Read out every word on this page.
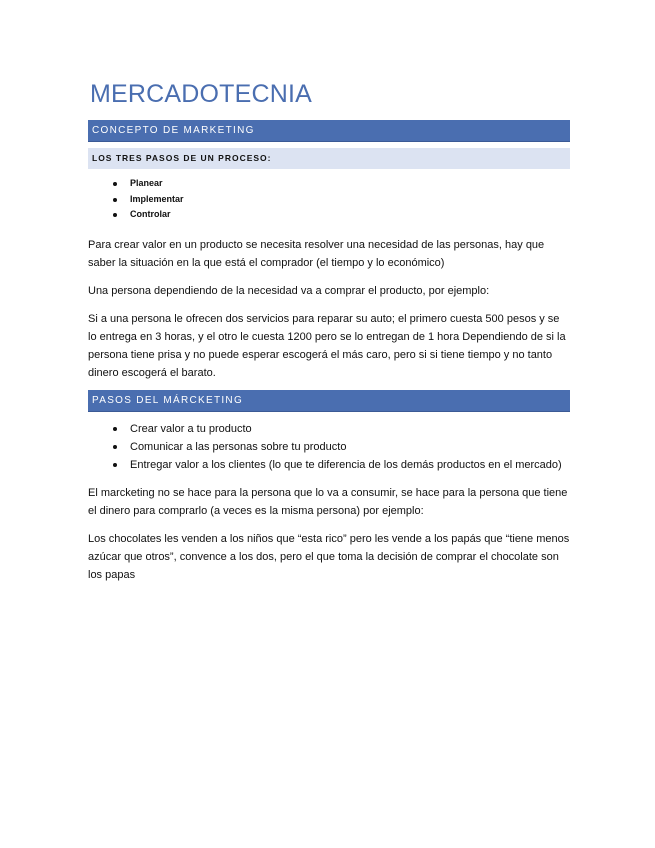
MERCADOTECNIA
CONCEPTO DE MARKETING
LOS TRES PASOS DE UN PROCESO:
Planear
Implementar
Controlar

Para crear valor en un producto se necesita resolver una necesidad de las personas, hay que saber la situación en la que está el comprador (el tiempo y lo económico)

Una persona dependiendo de la necesidad va a comprar el producto, por ejemplo:

Si a una persona le ofrecen dos servicios para reparar su auto; el primero cuesta 500 pesos y se lo entrega en 3 horas, y el otro le cuesta 1200 pero se lo entregan de 1 hora Dependiendo de si la persona tiene prisa y no puede esperar escogerá el más caro, pero si si tiene tiempo y no tanto dinero escogerá el barato.

PASOS DEL MÁRCKETING
Crear valor a tu producto
Comunicar a las personas sobre tu producto
Entregar valor a los clientes (lo que te diferencia de los demás productos en el mercado)

El marcketing no se hace para la persona que lo va a consumir, se hace para la persona que tiene el dinero para comprarlo (a veces es la misma persona) por ejemplo:

Los chocolates les venden a los niños que “esta rico” pero les vende a los papás que “tiene menos azúcar que otros”, convence a los dos, pero el que toma la decisión de comprar el chocolate son los papas
